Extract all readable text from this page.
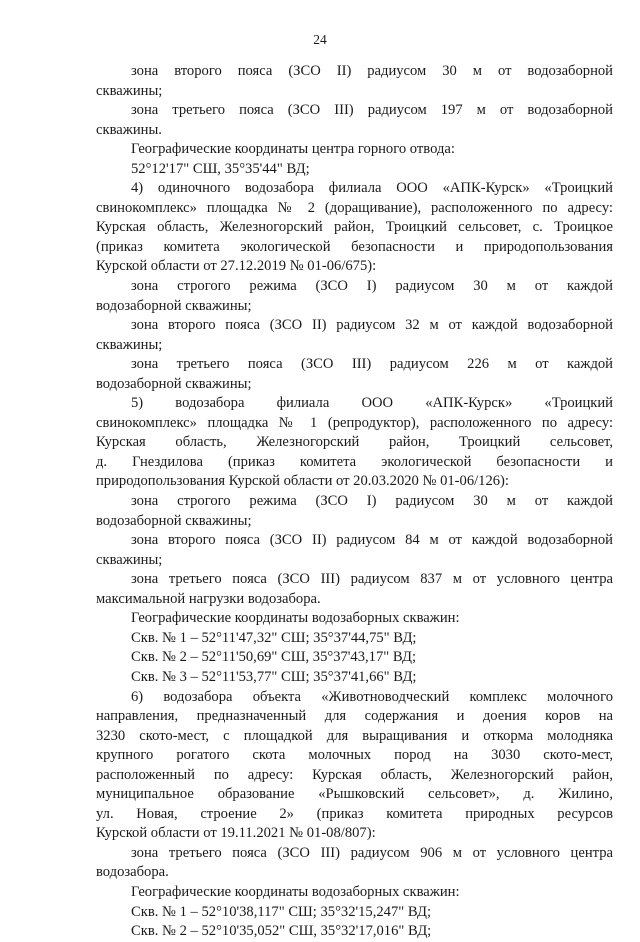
24
зона второго пояса (ЗСО II) радиусом 30 м от водозаборной
скважины;
зона третьего пояса (ЗСО III) радиусом 197 м от водозаборной
скважины.
Географические координаты центра горного отвода:
52°12'17" СШ, 35°35'44" ВД;
4) одиночного водозабора филиала ООО «АПК-Курск» «Троицкий
свинокомплекс» площадка № 2 (доращивание), расположенного по адресу:
Курская область, Железногорский район, Троицкий сельсовет, с. Троицкое
(приказ комитета экологической безопасности и природопользования
Курской области от 27.12.2019 № 01-06/675):
зона строгого режима (ЗСО I) радиусом 30 м от каждой
водозаборной скважины;
зона второго пояса (ЗСО II) радиусом 32 м от каждой водозаборной
скважины;
зона третьего пояса (ЗСО III) радиусом 226 м от каждой
водозаборной скважины;
5) водозабора филиала ООО «АПК-Курск» «Троицкий
свинокомплекс» площадка № 1 (репродуктор), расположенного по адресу:
Курская область, Железногорский район, Троицкий сельсовет,
д. Гнездилова (приказ комитета экологической безопасности и
природопользования Курской области от 20.03.2020 № 01-06/126):
зона строгого режима (ЗСО I) радиусом 30 м от каждой
водозаборной скважины;
зона второго пояса (ЗСО II) радиусом 84 м от каждой водозаборной
скважины;
зона третьего пояса (ЗСО III) радиусом 837 м от условного центра
максимальной нагрузки водозабора.
Географические координаты водозаборных скважин:
Скв. № 1 – 52°11'47,32" СШ; 35°37'44,75" ВД;
Скв. № 2 – 52°11'50,69" СШ, 35°37'43,17" ВД;
Скв. № 3 – 52°11'53,77" СШ; 35°37'41,66" ВД;
6) водозабора объекта «Животноводческий комплекс молочного
направления, предназначенный для содержания и доения коров на
3230 ското-мест, с площадкой для выращивания и откорма молодняка
крупного рогатого скота молочных пород на 3030 ското-мест,
расположенный по адресу: Курская область, Железногорский район,
муниципальное образование «Рышковский сельсовет», д. Жилино,
ул. Новая, строение 2» (приказ комитета природных ресурсов
Курской области от 19.11.2021 № 01-08/807):
зона третьего пояса (ЗСО III) радиусом 906 м от условного центра
водозабора.
Географические координаты водозаборных скважин:
Скв. № 1 – 52°10'38,117" СШ; 35°32'15,247" ВД;
Скв. № 2 – 52°10'35,052" СШ, 35°32'17,016" ВД;
